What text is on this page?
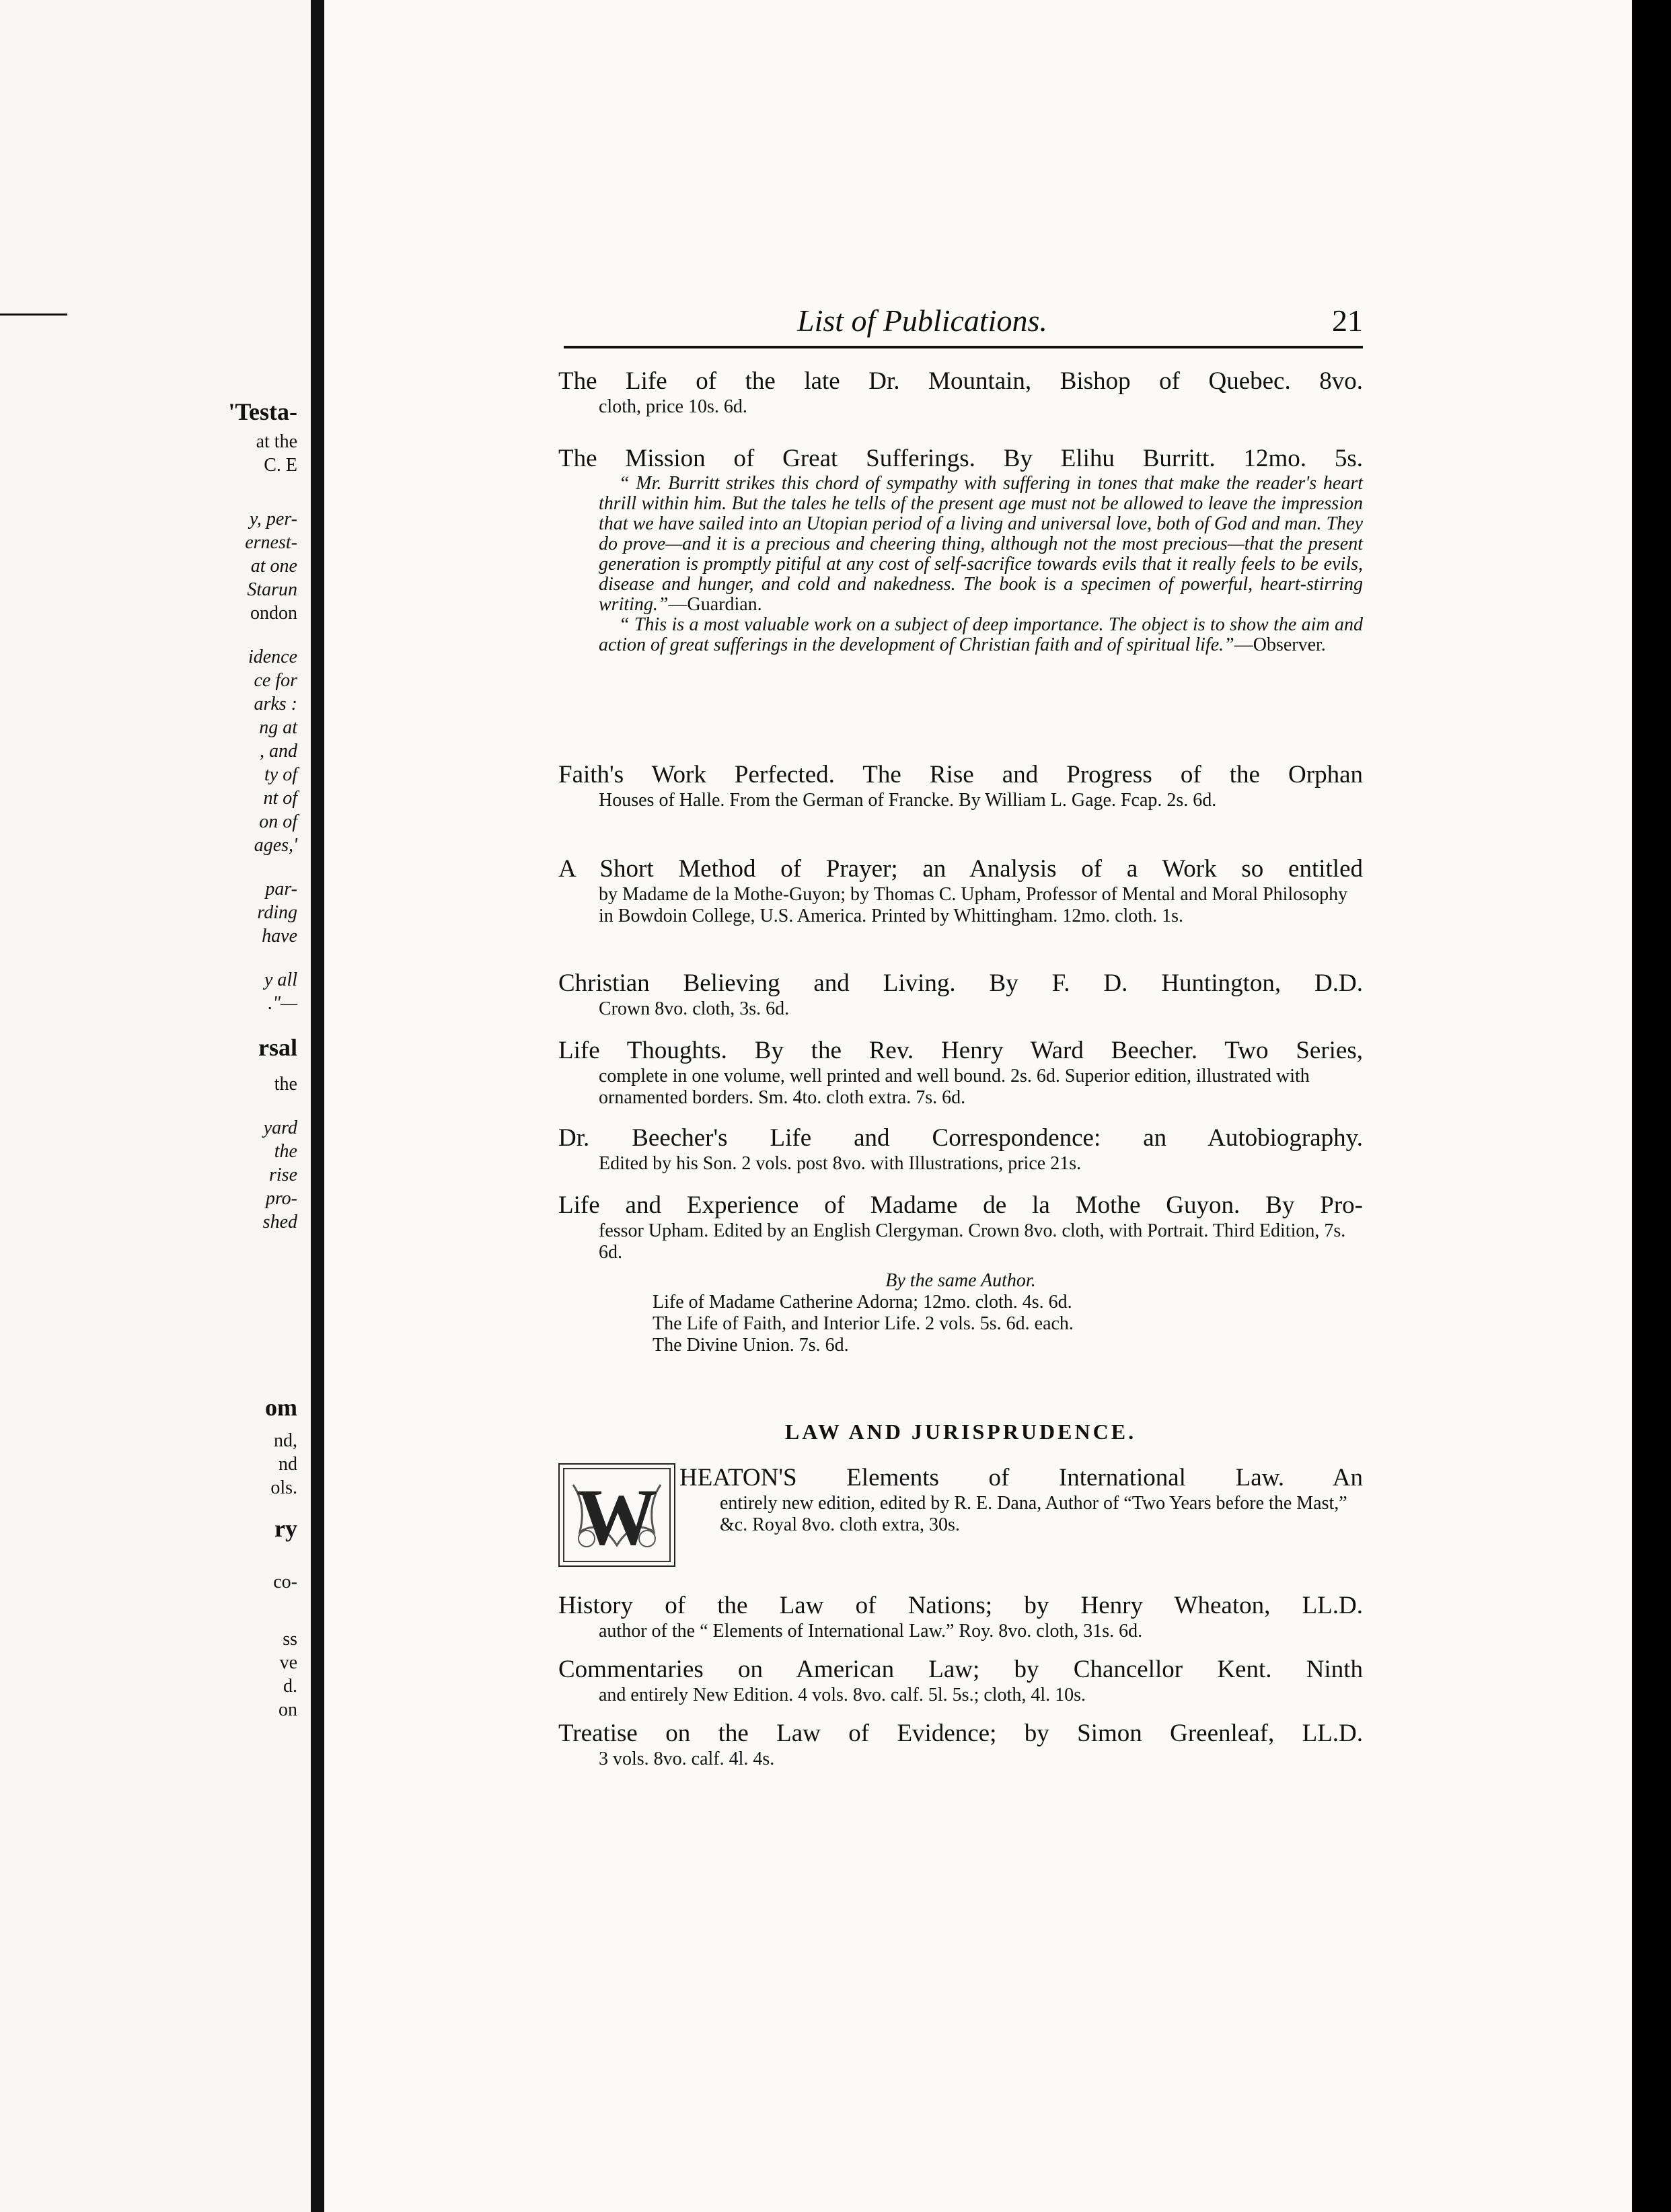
'Testa-
at the
C. E
y, per-
ernest-
at one
Starun
ondon
idence
ce for
arks :
ng at
, and
ty of
nt of
on of
ages,'
par-
rding
have
y all
."—
rsal
the
yard
the
rise
pro-
shed
om
nd,
nd
ols.
ry
co-
ss
ve
d.
on
List of Publications.	21
The Life of the late Dr. Mountain, Bishop of Quebec. 8vo.
cloth, price 10s. 6d.
The Mission of Great Sufferings. By Elihu Burritt. 12mo. 5s.

“ Mr. Burritt strikes this chord of sympathy with suffering in tones that make the reader's heart thrill within him. But the tales he tells of the present age must not be allowed to leave the impression that we have sailed into an Utopian period of a living and universal love, both of God and man. They do prove—and it is a precious and cheering thing, although not the most precious—that the present generation is promptly pitiful at any cost of self-sacrifice towards evils that it really feels to be evils, disease and hunger, and cold and nakedness. The book is a specimen of powerful, heart-stirring writing.”—Guardian.

“ This is a most valuable work on a subject of deep importance. The object is to show the aim and action of great sufferings in the development of Christian faith and of spiritual life.”—Observer.

Faith's Work Perfected. The Rise and Progress of the Orphan
Houses of Halle. From the German of Francke. By William L. Gage. Fcap. 2s. 6d.
A Short Method of Prayer; an Analysis of a Work so entitled
by Madame de la Mothe-Guyon; by Thomas C. Upham, Professor of Mental and Moral Philosophy in Bowdoin College, U.S. America. Printed by Whittingham. 12mo. cloth. 1s.
Christian Believing and Living. By F. D. Huntington, D.D.
Crown 8vo. cloth, 3s. 6d.
Life Thoughts. By the Rev. Henry Ward Beecher. Two Series,
complete in one volume, well printed and well bound. 2s. 6d. Superior edition, illustrated with ornamented borders. Sm. 4to. cloth extra. 7s. 6d.
Dr. Beecher's Life and Correspondence: an Autobiography.
Edited by his Son. 2 vols. post 8vo. with Illustrations, price 21s.
Life and Experience of Madame de la Mothe Guyon. By Pro-
fessor Upham. Edited by an English Clergyman. Crown 8vo. cloth, with Portrait. Third Edition, 7s. 6d.
By the same Author.
Life of Madame Catherine Adorna; 12mo. cloth. 4s. 6d.
The Life of Faith, and Interior Life. 2 vols. 5s. 6d. each.
The Divine Union. 7s. 6d.
LAW AND JURISPRUDENCE.
W HEATON'S Elements of International Law. An
entirely new edition, edited by R. E. Dana, Author of “Two Years before the Mast,” &c. Royal 8vo. cloth extra, 30s.
History of the Law of Nations; by Henry Wheaton, LL.D.
author of the “ Elements of International Law.” Roy. 8vo. cloth, 31s. 6d.
Commentaries on American Law; by Chancellor Kent. Ninth
and entirely New Edition. 4 vols. 8vo. calf. 5l. 5s.; cloth, 4l. 10s.
Treatise on the Law of Evidence; by Simon Greenleaf, LL.D.
3 vols. 8vo. calf. 4l. 4s.
